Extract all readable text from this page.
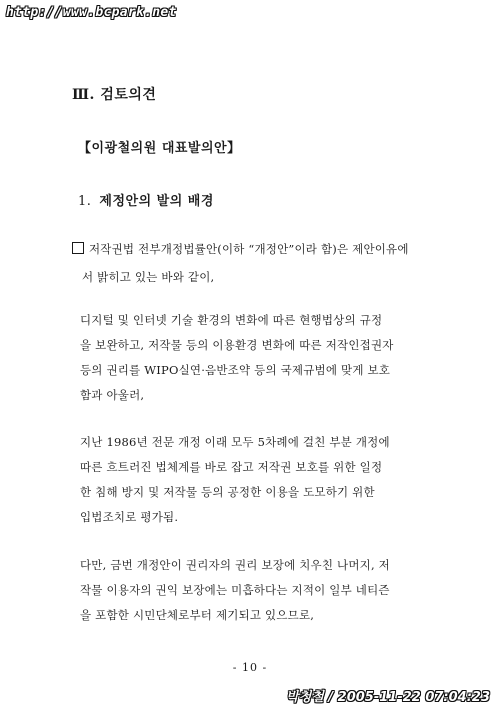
http://www.bcpark.net
Ⅲ. 검토의견
【이광철의원 대표발의안】
1. 제정안의 발의 배경
저작권법 전부개정법률안(이하 “개정안”이라 함)은 제안이유에
서 밝히고 있는 바와 같이,
디지털 및 인터넷 기술 환경의 변화에 따른 현행법상의 규정
을 보완하고, 저작물 등의 이용환경 변화에 따른 저작인접권자
등의 권리를 WIPO실연·음반조약 등의 국제규범에 맞게 보호
함과 아울러,
지난 1986년 전문 개정 이래 모두 5차례에 걸친 부분 개정에
따른 흐트러진 법체계를 바로 잡고 저작권 보호를 위한 일정
한 침해 방지 및 저작물 등의 공정한 이용을 도모하기 위한
입법조치로 평가됨.
다만, 금번 개정안이 권리자의 권리 보장에 치우친 나머지, 저
작물 이용자의 권익 보장에는 미흡하다는 지적이 일부 네티즌
을 포함한 시민단체로부터 제기되고 있으므로,
- 10 -
박청철 / 2005-11-22 07:04:23
